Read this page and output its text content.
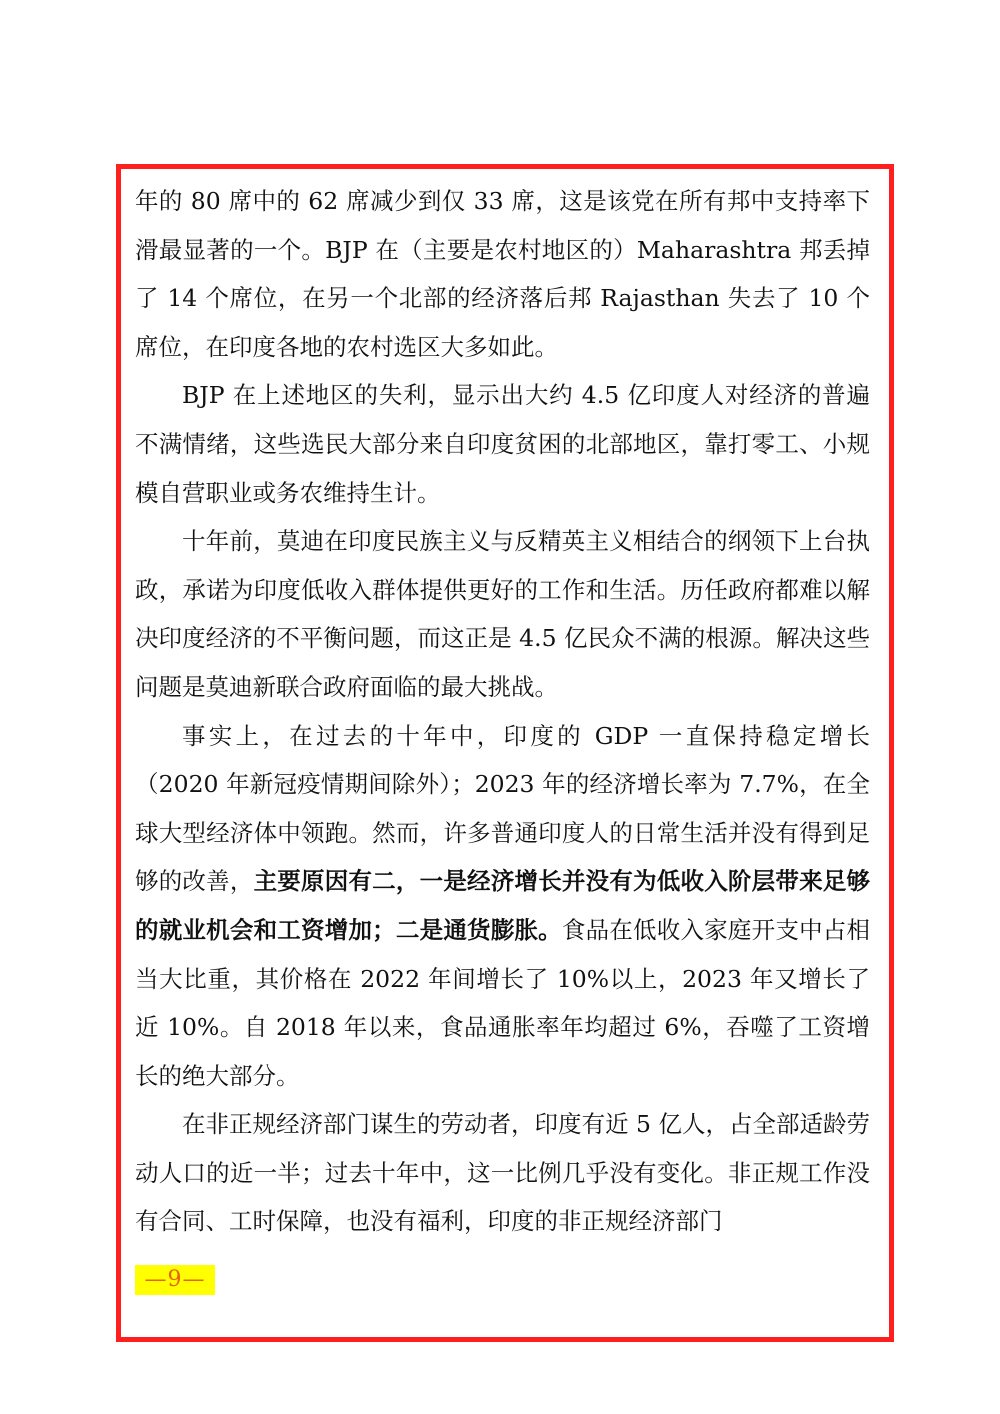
年的 80 席中的 62 席减少到仅 33 席，这是该党在所有邦中支持率下滑最显著的一个。BJP 在（主要是农村地区的）Maharashtra 邦丢掉了 14 个席位，在另一个北部的经济落后邦 Rajasthan 失去了 10 个席位，在印度各地的农村选区大多如此。

BJP 在上述地区的失利，显示出大约 4.5 亿印度人对经济的普遍不满情绪，这些选民大部分来自印度贫困的北部地区，靠打零工、小规模自营职业或务农维持生计。

十年前，莫迪在印度民族主义与反精英主义相结合的纲领下上台执政，承诺为印度低收入群体提供更好的工作和生活。历任政府都难以解决印度经济的不平衡问题，而这正是 4.5 亿民众不满的根源。解决这些问题是莫迪新联合政府面临的最大挑战。

事实上，在过去的十年中，印度的 GDP 一直保持稳定增长（2020 年新冠疫情期间除外）；2023 年的经济增长率为 7.7%，在全球大型经济体中领跑。然而，许多普通印度人的日常生活并没有得到足够的改善，主要原因有二，一是经济增长并没有为低收入阶层带来足够的就业机会和工资增加；二是通货膨胀。食品在低收入家庭开支中占相当大比重，其价格在 2022 年间增长了 10%以上，2023 年又增长了近 10%。自 2018 年以来，食品通胀率年均超过 6%，吞噬了工资增长的绝大部分。

在非正规经济部门谋生的劳动者，印度有近 5 亿人，占全部适龄劳动人口的近一半；过去十年中，这一比例几乎没有变化。非正规工作没有合同、工时保障，也没有福利，印度的非正规经济部门

—9—
